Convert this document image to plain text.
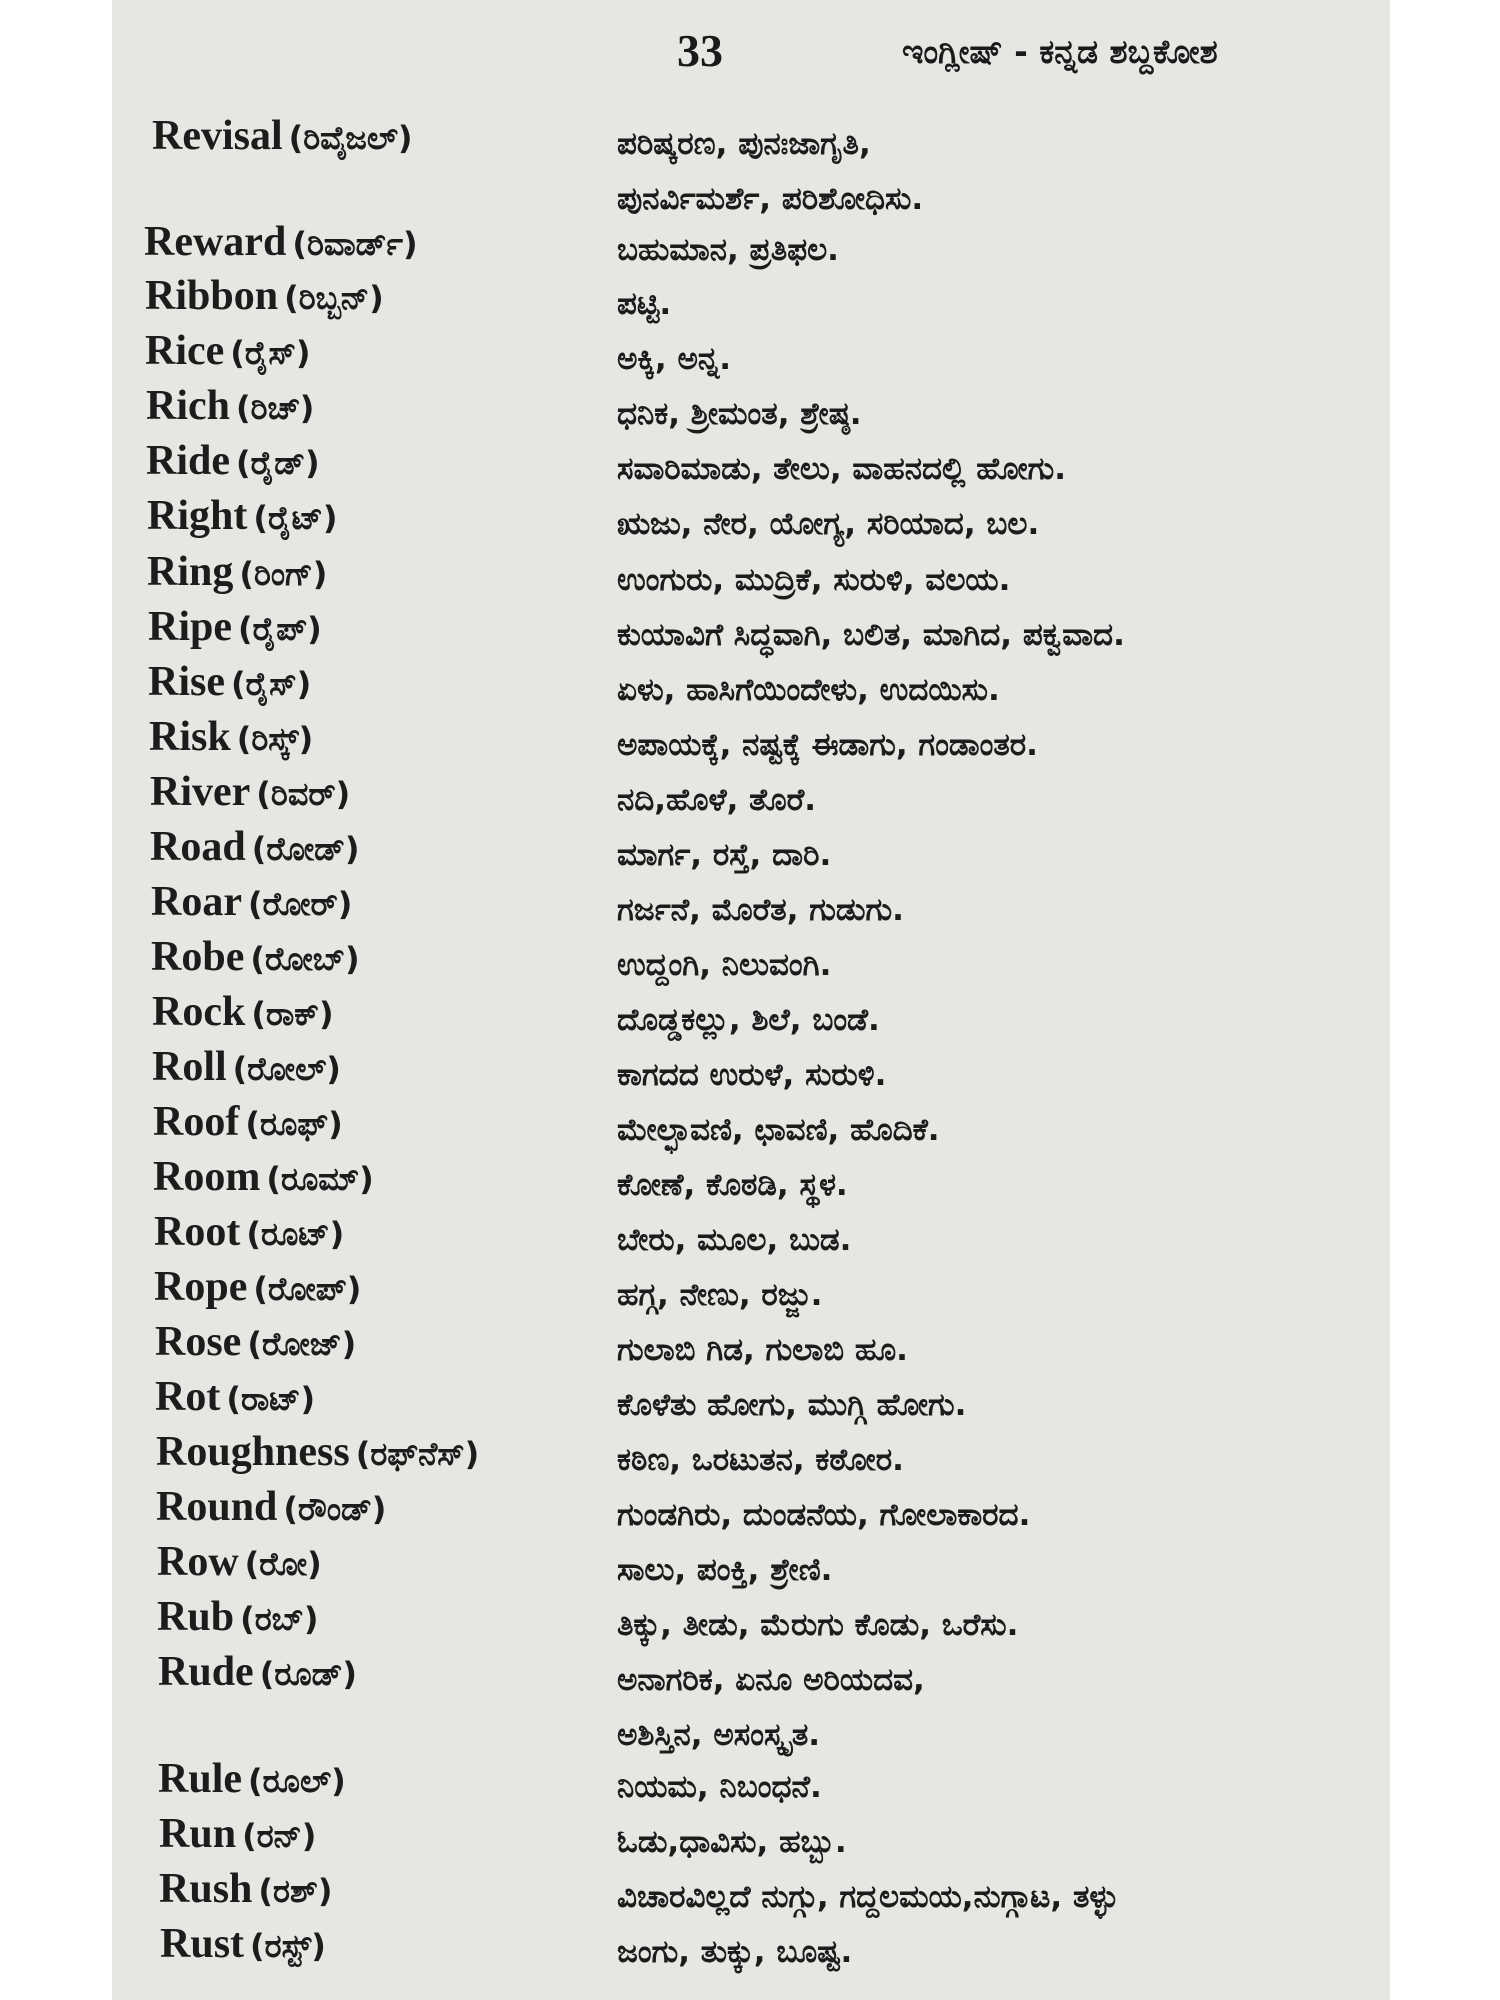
33	ಇಂಗ್ಲೀಷ್ - ಕನ್ನಡ ಶಬ್ದಕೋಶ
Revisal (ರಿವೈಜಲ್)	ಪರಿಷ್ಕರಣ, ಪುನಃಜಾಗೃತಿ,
ಪುನರ್ವಿಮರ್ಶೆ, ಪರಿಶೋಧಿಸು.
Reward (ರಿವಾರ್ಡ್)	ಬಹುಮಾನ, ಪ್ರತಿಫಲ.
Ribbon (ರಿಬ್ಬನ್)	ಪಟ್ಟಿ.
Rice (ರೈಸ್)	ಅಕ್ಕಿ, ಅನ್ನ.
Rich (ರಿಚ್)	ಧನಿಕ, ಶ್ರೀಮಂತ, ಶ್ರೇಷ್ಠ.
Ride (ರೈಡ್)	ಸವಾರಿಮಾಡು, ತೇಲು, ವಾಹನದಲ್ಲಿ ಹೋಗು.
Right (ರೈಟ್)	ಋಜು, ನೇರ, ಯೋಗ್ಯ, ಸರಿಯಾದ, ಬಲ.
Ring (ರಿಂಗ್)	ಉಂಗುರು, ಮುದ್ರಿಕೆ, ಸುರುಳಿ, ವಲಯ.
Ripe (ರೈಪ್)	ಕುಯಾವಿಗೆ ಸಿದ್ಧವಾಗಿ, ಬಲಿತ, ಮಾಗಿದ, ಪಕ್ವವಾದ.
Rise (ರೈಸ್)	ಏಳು, ಹಾಸಿಗೆಯಿಂದೇಳು, ಉದಯಿಸು.
Risk (ರಿಸ್ಕ್)	ಅಪಾಯಕ್ಕೆ, ನಷ್ಟಕ್ಕೆ ಈಡಾಗು, ಗಂಡಾಂತರ.
River (ರಿವರ್)	ನದಿ,ಹೊಳೆ, ತೊರೆ.
Road (ರೋಡ್)	ಮಾರ್ಗ, ರಸ್ತೆ, ದಾರಿ.
Roar (ರೋರ್)	ಗರ್ಜನೆ, ಮೊರೆತ, ಗುಡುಗು.
Robe (ರೋಬ್)	ಉದ್ದಂಗಿ, ನಿಲುವಂಗಿ.
Rock (ರಾಕ್)	ದೊಡ್ಡಕಲ್ಲು, ಶಿಲೆ, ಬಂಡೆ.
Roll (ರೋಲ್)	ಕಾಗದದ ಉರುಳೆ, ಸುರುಳಿ.
Roof (ರೂಫ್)	ಮೇಲ್ಛಾವಣಿ, ಛಾವಣಿ, ಹೊದಿಕೆ.
Room (ರೂಮ್)	ಕೋಣೆ, ಕೊಠಡಿ, ಸ್ಥಳ.
Root (ರೂಟ್)	ಬೇರು, ಮೂಲ, ಬುಡ.
Rope (ರೋಪ್)	ಹಗ್ಗ, ನೇಣು, ರಜ್ಜು.
Rose (ರೋಜ್)	ಗುಲಾಬಿ ಗಿಡ, ಗುಲಾಬಿ ಹೂ.
Rot (ರಾಟ್)	ಕೊಳೆತು ಹೋಗು, ಮುಗ್ಗಿ ಹೋಗು.
Roughness (ರಫ್‌ನೆಸ್)	ಕಠಿಣ, ಒರಟುತನ, ಕಠೋರ.
Round (ರೌಂಡ್)	ಗುಂಡಗಿರು, ದುಂಡನೆಯ, ಗೋಲಾಕಾರದ.
Row (ರೋ)	ಸಾಲು, ಪಂಕ್ತಿ, ಶ್ರೇಣಿ.
Rub (ರಬ್)	ತಿಕ್ಕು, ತೀಡು, ಮೆರುಗು ಕೊಡು, ಒರೆಸು.
Rude (ರೂಡ್)	ಅನಾಗರಿಕ, ಏನೂ ಅರಿಯದವ,
ಅಶಿಸ್ತಿನ, ಅಸಂಸ್ಕೃತ.
Rule (ರೂಲ್)	ನಿಯಮ, ನಿಬಂಧನೆ.
Run (ರನ್)	ಓಡು,ಧಾವಿಸು, ಹಬ್ಬು.
Rush (ರಶ್)	ವಿಚಾರವಿಲ್ಲದೆ ನುಗ್ಗು, ಗದ್ದಲಮಯ,ನುಗ್ಗಾಟ, ತಳ್ಳು
Rust (ರಸ್ಟ್)	ಜಂಗು, ತುಕ್ಕು, ಬೂಷ್ಟ.
